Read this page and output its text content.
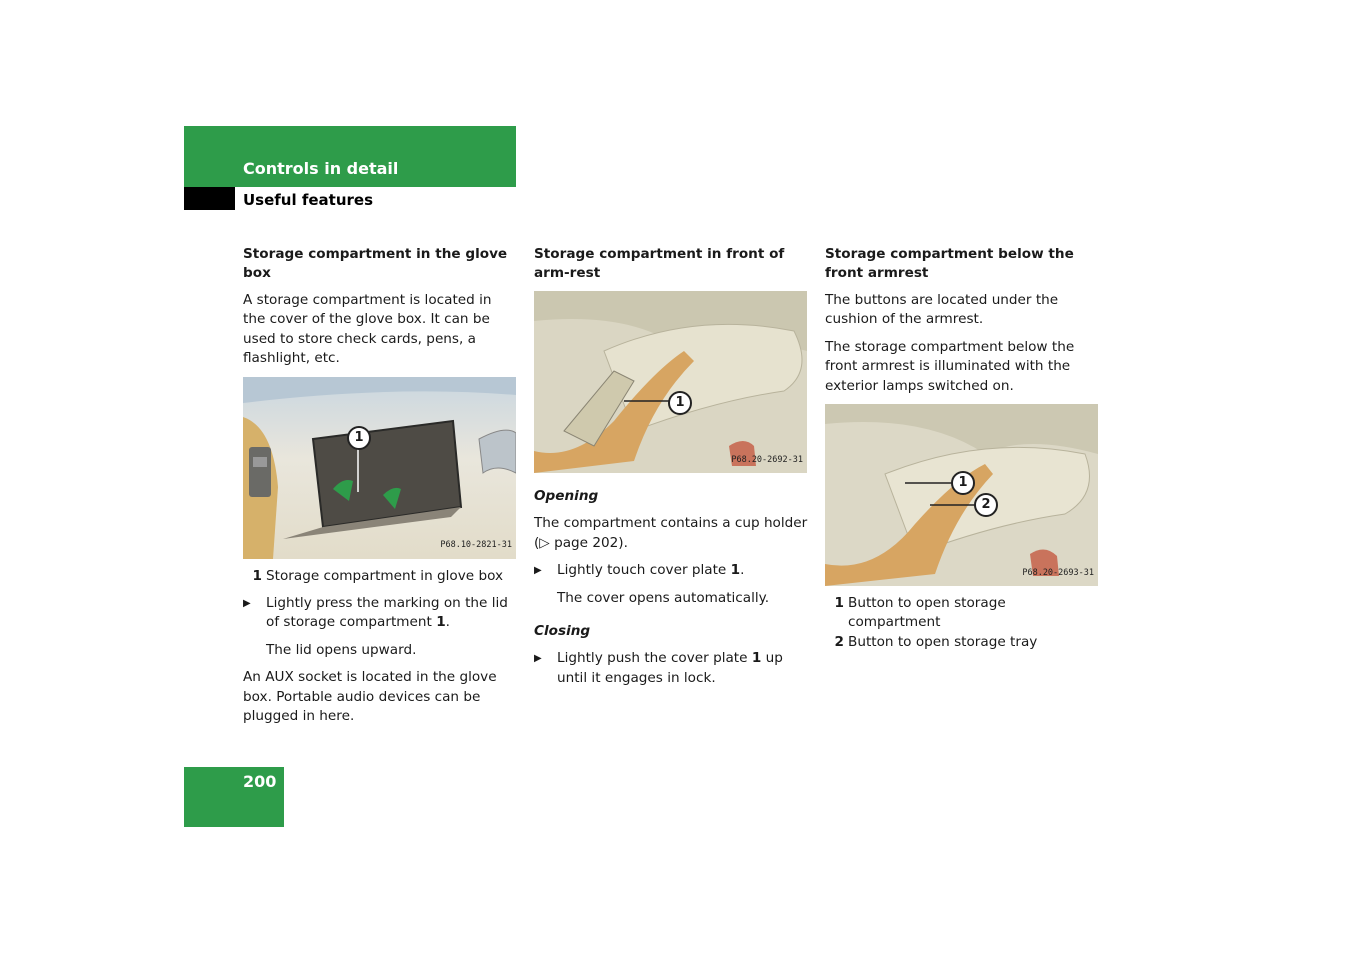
Controls in detail
Useful features
Storage compartment in the glove box

A storage compartment is located in the cover of the glove box. It can be used to store check cards, pens, a flashlight, etc.

1
P68.10-2821-31
1 Storage compartment in glove box
▶	Lightly press the marking on the lid of storage compartment 1.

The lid opens upward.

An AUX socket is located in the glove box. Portable audio devices can be plugged in here.

Storage compartment in front of arm-rest
1
P68.20-2692-31
Opening

The compartment contains a cup holder (▷ page 202).

▶	Lightly touch cover plate 1.

The cover opens automatically.

Closing
▶	Lightly push the cover plate 1 up until it engages in lock.
Storage compartment below the front armrest

The buttons are located under the cushion of the armrest.

The storage compartment below the front armrest is illuminated with the exterior lamps switched on.

1
2
P68.20-2693-31
1 Button to open storage compartment
2 Button to open storage tray
200
